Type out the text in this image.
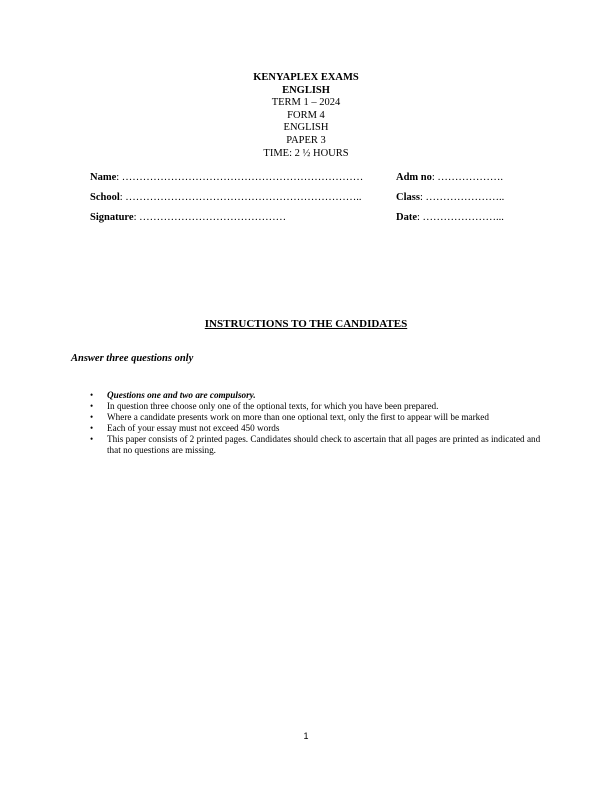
KENYAPLEX EXAMS
ENGLISH
TERM 1 – 2024
FORM 4
ENGLISH
PAPER 3
TIME: 2 ½ HOURS
Name: ……………………………………………………………	Adm no: ……………….
School: …………………………………………………………..	Class: …………………..
Signature: ……………………………………	Date: …………………...
INSTRUCTIONS TO THE CANDIDATES
Answer three questions only
• Questions one and two are compulsory.
• In question three choose only one of the optional texts, for which you have been prepared.
• Where a candidate presents work on more than one optional text, only the first to appear will be marked
• Each of your essay must not exceed 450 words
• This paper consists of 2 printed pages. Candidates should check to ascertain that all pages are printed as indicated and that no questions are missing.
1
